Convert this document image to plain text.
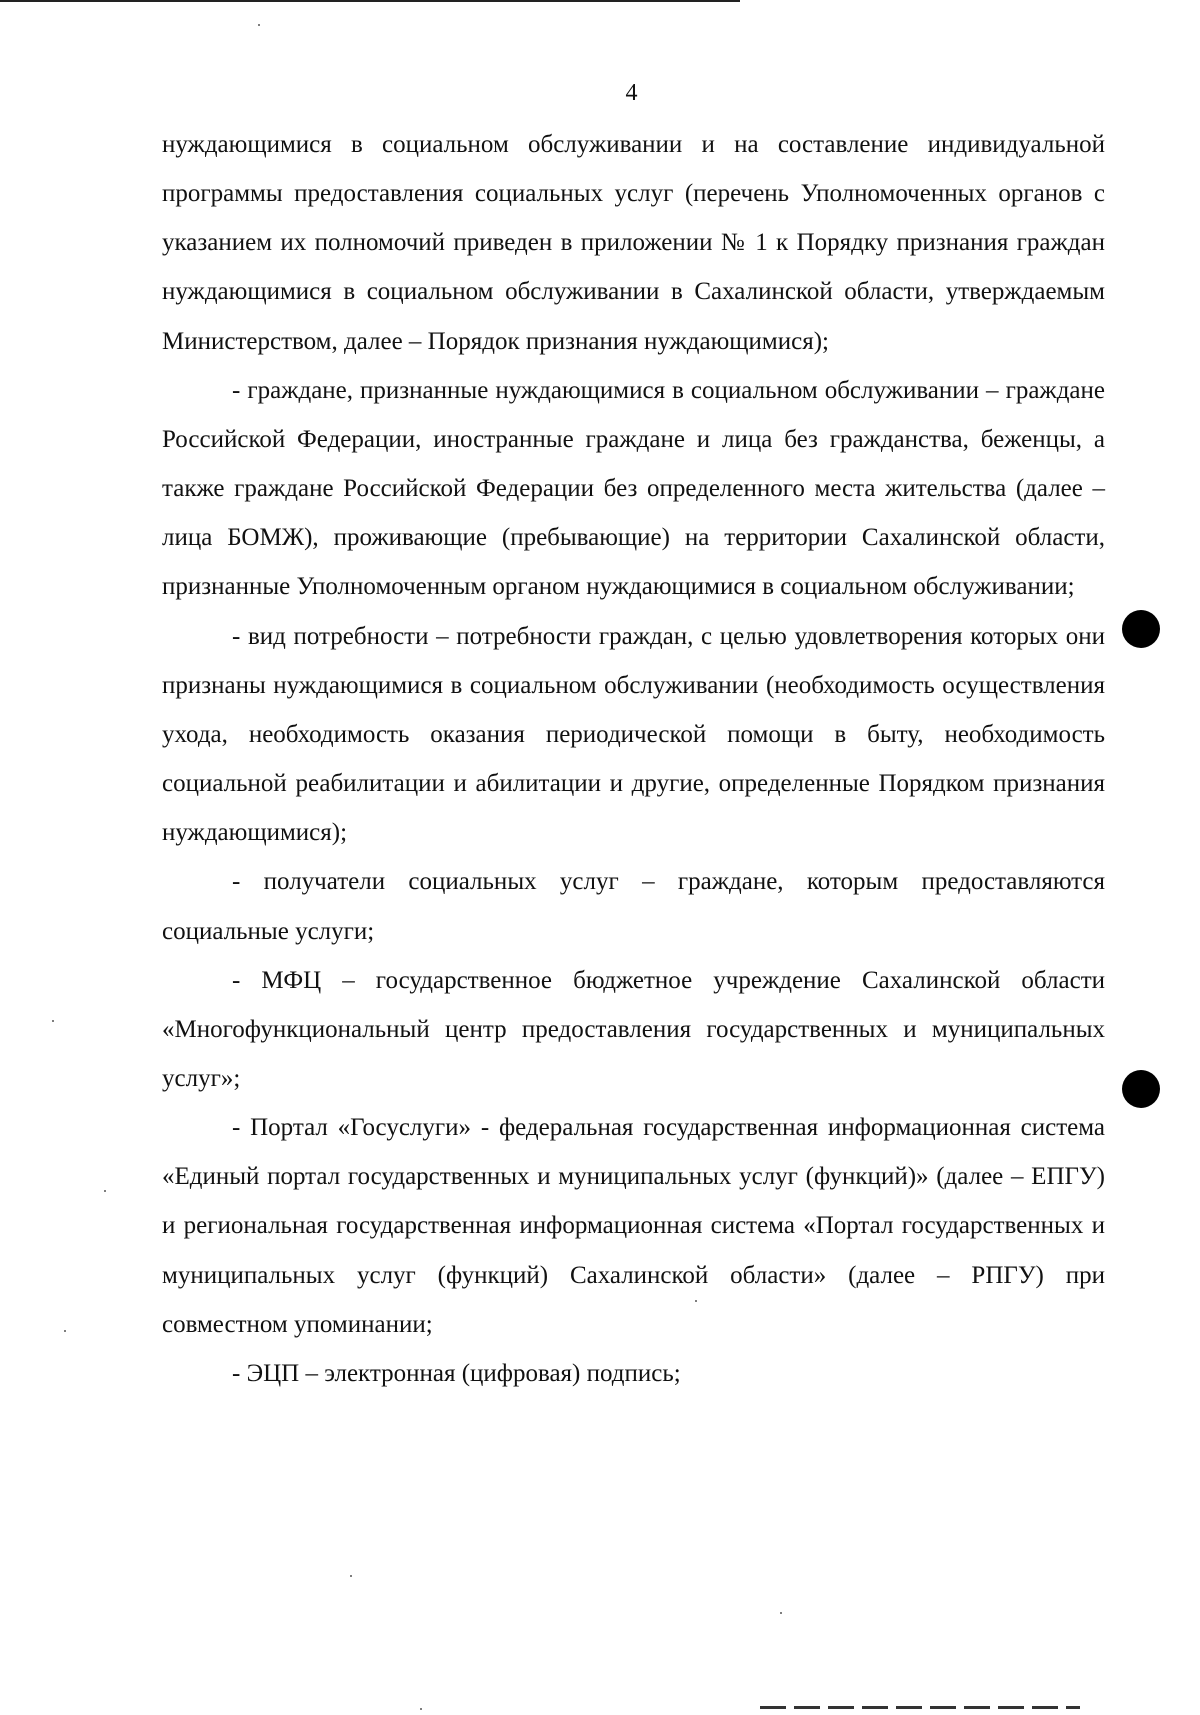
4

нуждающимися в социальном обслуживании и на составление индивидуальной программы предоставления социальных услуг (перечень Уполномоченных органов с указанием их полномочий приведен в приложении № 1 к Порядку признания граждан нуждающимися в социальном обслуживании в Сахалинской области, утверждаемым Министерством, далее – Порядок признания нуждающимися);

- граждане, признанные нуждающимися в социальном обслуживании – граждане Российской Федерации, иностранные граждане и лица без гражданства, беженцы, а также граждане Российской Федерации без определенного места жительства (далее – лица БОМЖ), проживающие (пребывающие) на территории Сахалинской области, признанные Уполномоченным органом нуждающимися в социальном обслуживании;

- вид потребности – потребности граждан, с целью удовлетворения которых они признаны нуждающимися в социальном обслуживании (необходимость осуществления ухода, необходимость оказания периодической помощи в быту, необходимость социальной реабилитации и абилитации и другие, определенные Порядком признания нуждающимися);

- получатели социальных услуг – граждане, которым предоставляются социальные услуги;

- МФЦ – государственное бюджетное учреждение Сахалинской области «Многофункциональный центр предоставления государственных и муниципальных услуг»;

- Портал «Госуслуги» - федеральная государственная информационная система «Единый портал государственных и муниципальных услуг (функций)» (далее – ЕПГУ) и региональная государственная информационная система «Портал государственных и муниципальных услуг (функций) Сахалинской области» (далее – РПГУ) при совместном упоминании;

- ЭЦП – электронная (цифровая) подпись;
